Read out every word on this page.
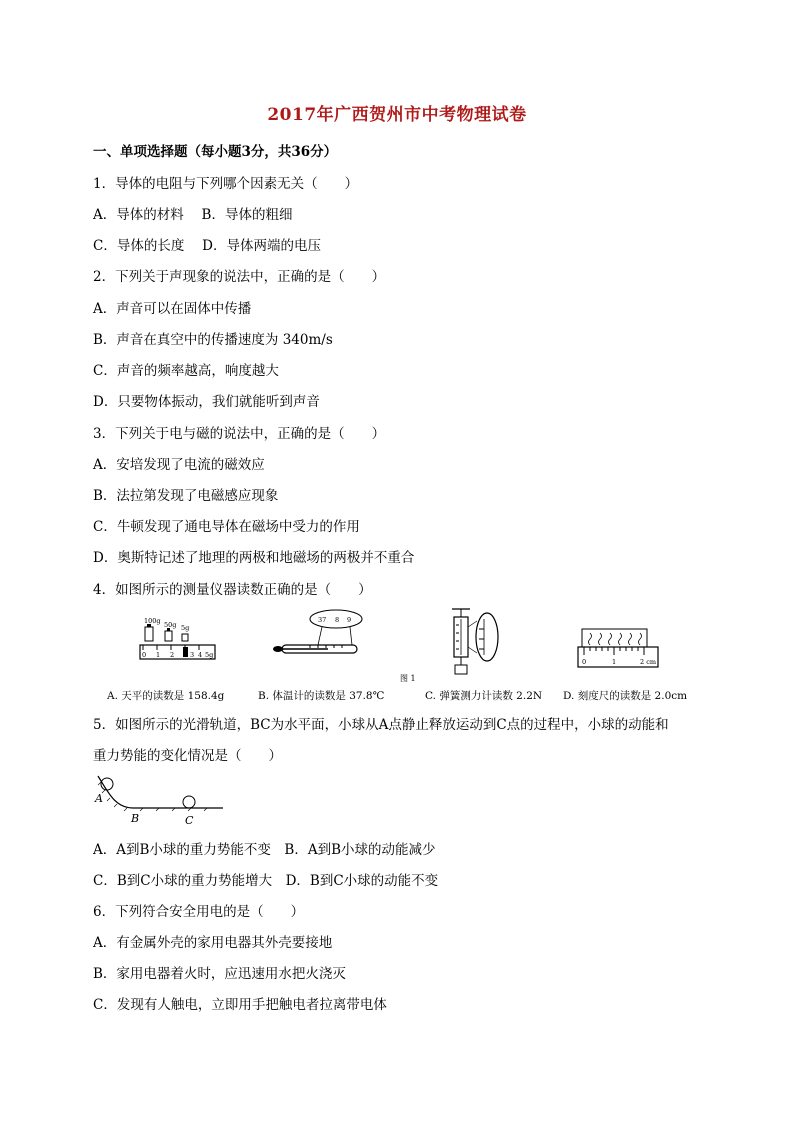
2017年广西贺州市中考物理试卷
一、单项选择题（每小题3分，共36分）
1．导体的电阻与下列哪个因素无关（　　）
A．导体的材料　 B．导体的粗细
C．导体的长度　 D．导体两端的电压
2．下列关于声现象的说法中，正确的是（　　）
A．声音可以在固体中传播
B．声音在真空中的传播速度为 340m/s
C．声音的频率越高，响度越大
D．只要物体振动，我们就能听到声音
3．下列关于电与磁的说法中，正确的是（　　）
A．安培发现了电流的磁效应
B．法拉第发现了电磁感应现象
C．牛顿发现了通电导体在磁场中受力的作用
D．奥斯特记述了地理的两极和地磁场的两极并不重合
4．如图所示的测量仪器读数正确的是（　　）
100g 50g 5g
0 1 2 3 4 5g
37 8 9
图 1
0	1	2 cm
A. 天平的读数是 158.4g	B. 体温计的读数是 37.8℃	C. 弹簧测力计读数 2.2N D. 刻度尺的读数是 2.0cm
5．如图所示的光滑轨道，BC为水平面，小球从A点静止释放运动到C点的过程中，小球的动能和
重力势能的变化情况是（　　）
A
B	C
A．A到B小球的重力势能不变　B．A到B小球的动能减少
C．B到C小球的重力势能增大　D．B到C小球的动能不变
6．下列符合安全用电的是（　　）
A．有金属外壳的家用电器其外壳要接地
B．家用电器着火时，应迅速用水把火浇灭
C．发现有人触电，立即用手把触电者拉离带电体
